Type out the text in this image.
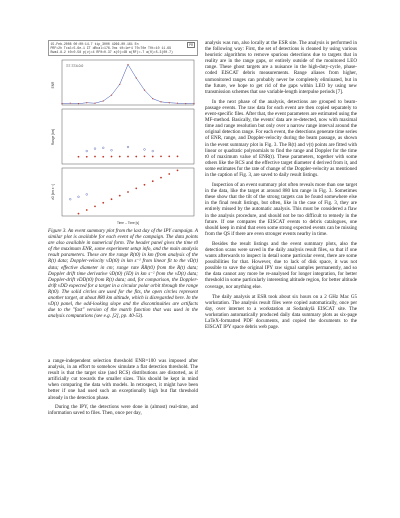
15-Feb-2008 00:00:14.7 tip_3000 4266-00.161 En
PRF=2h Tcal=5.6e-1 ΣT dRcal=176.7ms t0=1e+4 T0=70e T0t=10 11.69
Rwa4.8-2 t0=0.58 p(v)=4 RF0=0.37 a(0)=4B a(RF)=-7 a(0)=5.3(00.7)
PR
ΞΞ ΞΞ4.0.0
ENR
Range [km]
vD [km s⁻¹]
Time -- Time [s]

Figure 3. An event summary plot from the last day of the IPY campaign. A similar plot is available for each event of the campaign. The data points are also available in numerical form. The header panel gives the time t0 of the maximum ENR, some experiment setup info, and the main analysis result parameters. These are the range R(t0) in km (from analysis of the R(t) data; Doppler-velocity vD(t0) in km s⁻¹ from linear fit to the vD(t) data; effective diameter in cm; range rate ṘR(t0) from the R(t) data; Doppler drift time derivative v̇D(t0) (ṽD) in km s⁻² from the vD(t) data; Doppler-drift vDD(t0) from R(t) data; and, for comparison, the Doppler-drift vDD expected for a target in a circular polar orbit through the range R(t0). The solid circles are used for the fits, the open circles represent another target, at about 880 km altitude, which is disregarded here. In the vD(t) panel, the odd-looking slope and the discontinuities are artifacts due to the "fast" version of the match function that was used in the analysis computations (see e.g. [2], pp. 40-53).

a range-independent selection threshold ENR=100 was imposed after analysis, in an effort to somehow simulate a flat detection threshold. The result is that the target size (and RCS) distributions are distorted, as if artificially cut towards the smaller sizes. This should be kept in mind when comparing the data with models. In retrospect, it might have been better if one had used such an exceptionally high but flat threshold already in the detection phase.

During the IPY, the detections were done in (almost) real-time, and information saved to files. Then, once per day,

analysis was run, also locally at the ESR site. The analysis is performed in the following way: First, the set of detections is cleaned by using various heuristic algorithms to remove spurious detections due to targets that in reality are in the range gaps, or entirely outside of the monitored LEO range. These ghost targets are a nuisance in the high-duty-cycle, phase-coded EISCAT debris measurements. Range aliases from higher, unmonitored ranges can probably never be completely eliminated, but in the future, we hope to get rid of the gaps within LEO by using new transmission schemes that use variable-length interpulse periods [7].

In the next phase of the analysis, detections are grouped to beam-passage events. The raw data for each event are then copied separately to event-specific files. After that, the event parameters are estimated using the MF-method. Basically, the events' data are re-detected, now with maximal time and range resolution but only over a narrow range interval around the original detection range. For each event, the detections generate time series of ENR, range, and Doppler-velocity during the beam passage, as shown in the event summary plot in Fig. 3. The R(t) and v(t) points are fitted with linear or quadratic polynomials to find the range and Doppler for the time t0 of maximum value of ENR(t). These parameters, together with some others like the RCS and the effective target diameter d derived from it, and some estimates for the rate of change of the Doppler-velocity as mentioned in the caption of Fig. 3, are saved to daily result listings.

Inspection of an event summary plot often reveals more than one target in the data, like the target at around 880 km range in Fig. 3. Sometimes these show that the tilt of the strong targets can be found somewhere else in the final result listings, but often, like in the case of Fig. 3, they are entirely missed by the automatic analysis. This must be considered a flaw in the analysis procedure, and should not be too difficult to remedy in the future. If one compares the EISCAT events to debris catalogues, one should keep in mind that even some strong expected events can be missing from the QS if there are even stronger events nearby in time.

Besides the result listings and the event summary plots, also the detection scans were saved in the daily analysis result files, so that if one wants afterwards to inspect in detail some particular event, there are some possibilities for that. However, due to lack of disk space, it was not possible to save the original IPY raw signal samples permanently, and so the data cannot any more be re-analysed for longer integration, for better threshold in some particularly interesting altitude region, for better altitude coverage, nor anything else.

The daily analysis at ESR took about six hours on a 2 GHz Mac G5 workstation. The analysis result files were copied automatically, once per day, over internet to a workstation at Sodankylä EISCAT site. The workstation automatically produced daily data summary plots as six-page LaTeX-formatted PDF documents, and copied the documents to the EISCAT IPY space debris web page.
